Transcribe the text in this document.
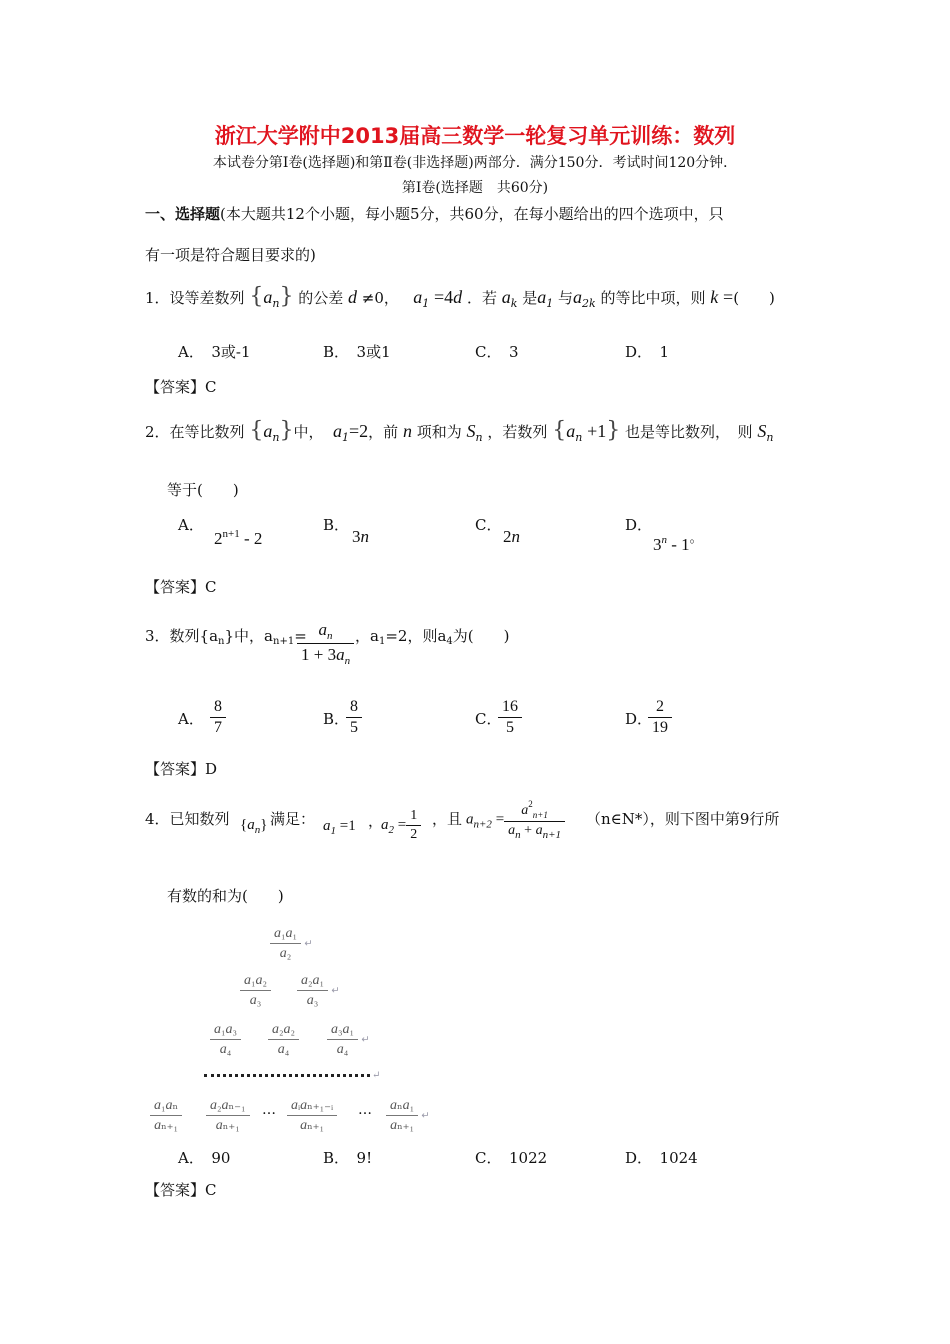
浙江大学附中2013届高三数学一轮复习单元训练：数列
本试卷分第Ⅰ卷(选择题)和第Ⅱ卷(非选择题)两部分．满分150分．考试时间120分钟．
第Ⅰ卷(选择题　共60分)
一、选择题(本大题共12个小题，每小题5分，共60分，在每小题给出的四个选项中，只
有一项是符合题目要求的)
1．设等差数列 $\{a_n\}$ 的公差 d ≠0， $a_1 =4d$ ．若 $a_k$ 是$a_1$ 与$a_{2k}$ 的等比中项，则 k =(　　)
A．　3或-1	B．　3或1	C．　3	D．　1
【答案】C
2．在等比数列 $\{a_n\}$中， $a_1=2$，前 n 项和为 $S_n$ ，若数列 $\{a_n +1\}$ 也是等比数列，　则 $S_n$
等于(　　)
A．
$2^{n+1} - 2$
B．
3n
C．
2n
D．
3$^n$ - 1。
【答案】C
3．数列$\{a_n\}$中，$a_{n+1}=$
$\frac{a_n}{1 + 3a_n}$ ，$a_1=2$，则$a_4$为(　　)
A． $\frac{8}{7}$	B．
$\frac{8}{5}$	C．
$\frac{16}{5}$	D．
$\frac{2}{19}$
【答案】D
4．已知数列 $\{a_n\}$ 满足： $a_1 =1$ ，
$a_2 = \frac{1}{2}$ ，且 $a_{n+2} = \frac{a^2_{n+1}}{a_n + a_{n+1}}$ （n∈N*），则下图中第9行所
有数的和为(　　)
$\frac{\text{a₁a₁}}{\text{a₂}}$ ↵
$\frac{\text{a₁a₂}}{\text{a₃}} \frac{\text{a₂a₁}}{\text{a₃}}$ ↵
$\frac{\text{a₁a₃}}{\text{a₄}} \frac{\text{a₂a₂}}{\text{a₄}} \frac{\text{a₃a₁}}{\text{a₄}}$ ↵
↵
$\frac{\text{a₁aₙ}}{\text{aₙ₊₁}} \frac{\text{a₂aₙ₋₁}}{\text{aₙ₊₁}}$ … $\frac{\text{aᵢaₙ₊₁₋ᵢ}}{\text{aₙ₊₁}}$ … $\frac{\text{aₙa₁}}{\text{aₙ₊₁}}$ ↵
A．　90	B．　9!	C．　1022	D．　1024
【答案】C
